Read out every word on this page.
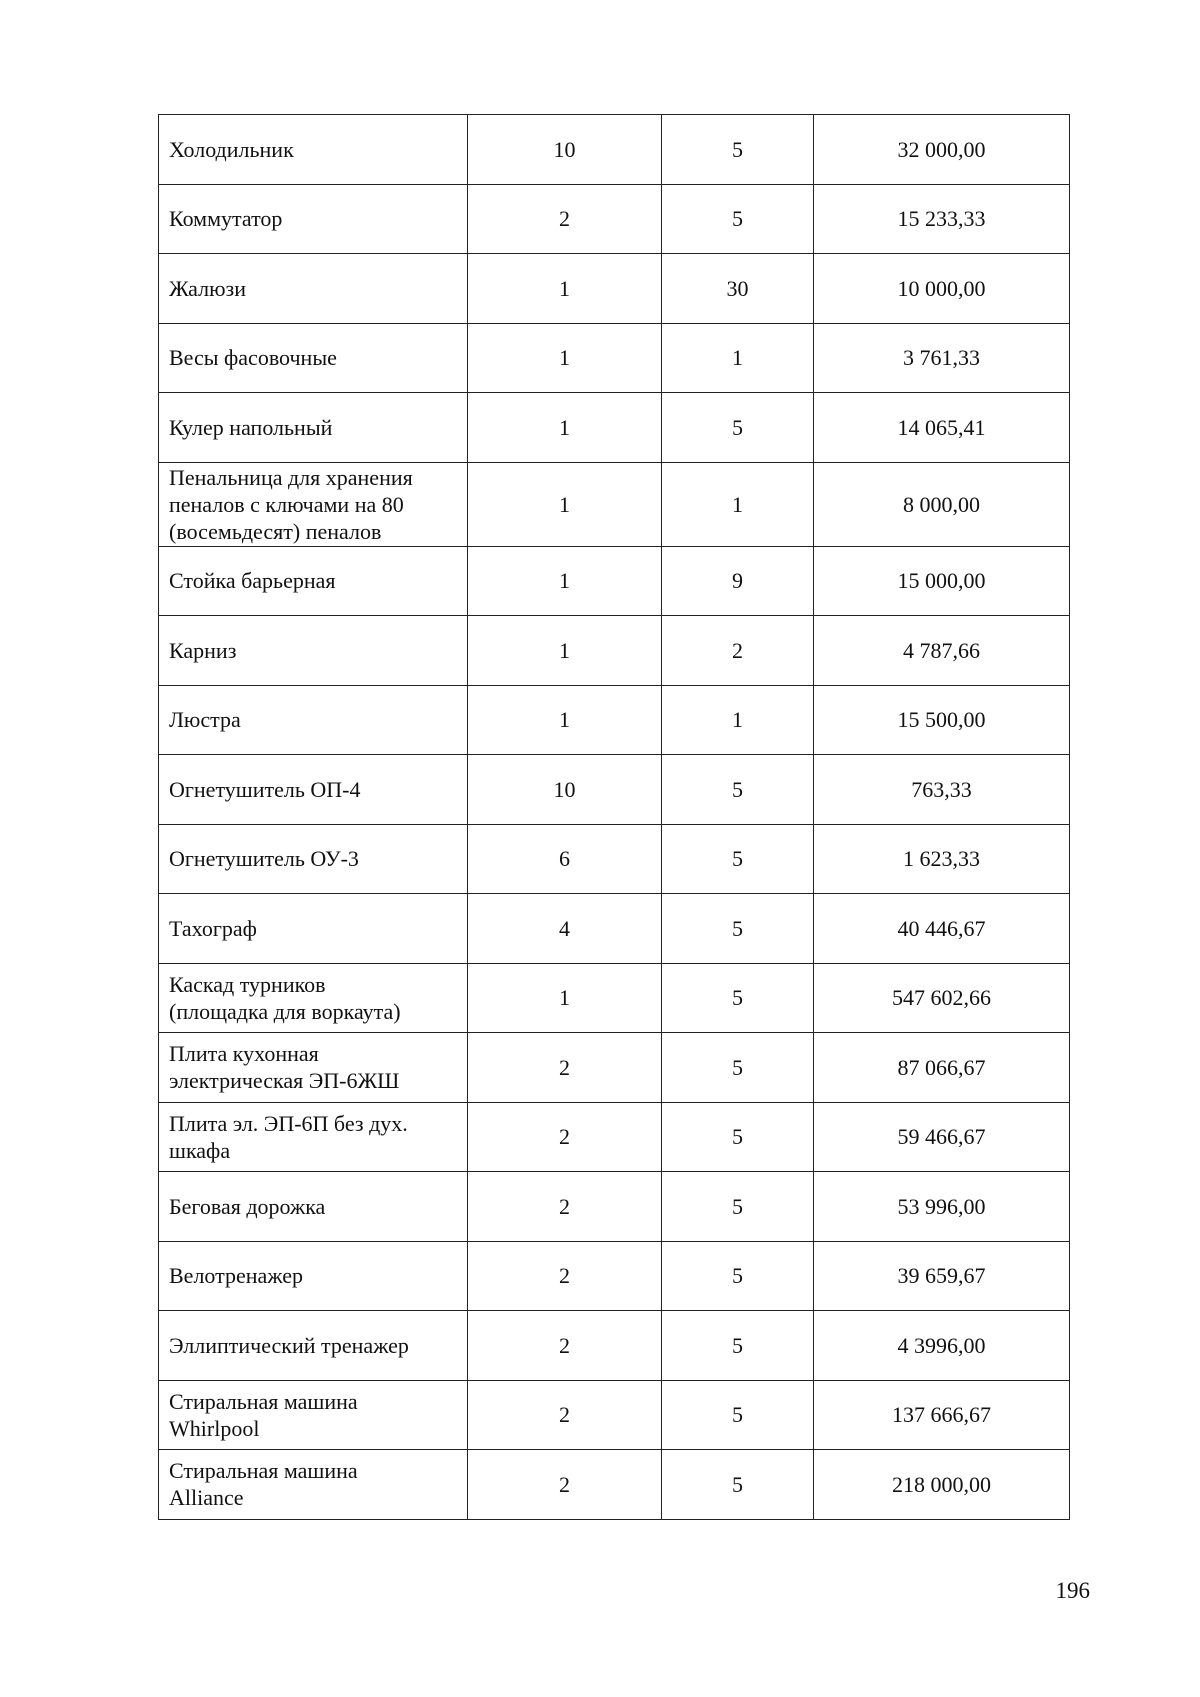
Холодильник	10	5	32 000,00

Коммутатор	2	5	15 233,33

Жалюзи	1	30	10 000,00

Весы фасовочные	1	1	3 761,33

Кулер напольный	1	5	14 065,41

Пенальница для хранения
пеналов с ключами на 80
(восемьдесят) пеналов	1	1	8 000,00

Стойка барьерная	1	9	15 000,00

Карниз	1	2	4 787,66

Люстра	1	1	15 500,00

Огнетушитель ОП-4	10	5	763,33

Огнетушитель ОУ-3	6	5	1 623,33

Тахограф	4	5	40 446,67

Каскад турников
(площадка для воркаута)	1	5	547 602,66

Плита кухонная
электрическая ЭП-6ЖШ	2	5	87 066,67

Плита эл. ЭП-6П без дух.
шкафа	2	5	59 466,67

Беговая дорожка	2	5	53 996,00

Велотренажер	2	5	39 659,67

Эллиптический тренажер	2	5	4 3996,00

Стиральная машина
Whirlpool	2	5	137 666,67

Стиральная машина
Alliance	2	5	218 000,00
196
